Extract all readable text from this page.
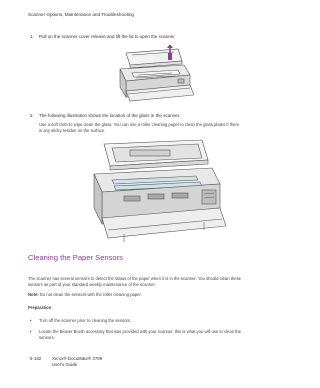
Scanner Options, Maintenance and Troubleshooting
1. Pull on the scanner cover release and lift the lid to open the scanner.
2. The following illustration shows the location of the glass in the scanner.
Use a soft cloth to wipe clean the glass. You can use a roller cleaning paper to clean the glass plates if there
is any sticky residue on the surface.
Cleaning the Paper Sensors
The scanner has several sensors to detect the status of the paper when it is in the scanner. You should clean these
sensors as part of your standard weekly maintenance of the scanner.
Note: Do not clean the sensors with the roller cleaning paper.
Preparation
• Turn off the scanner prior to cleaning the sensors.
• Locate the Blower Brush accessory that was provided with your scanner, this is what you will use to clean the
sensors.
9-182 Xerox® DocuMate® 4799
User's Guide
